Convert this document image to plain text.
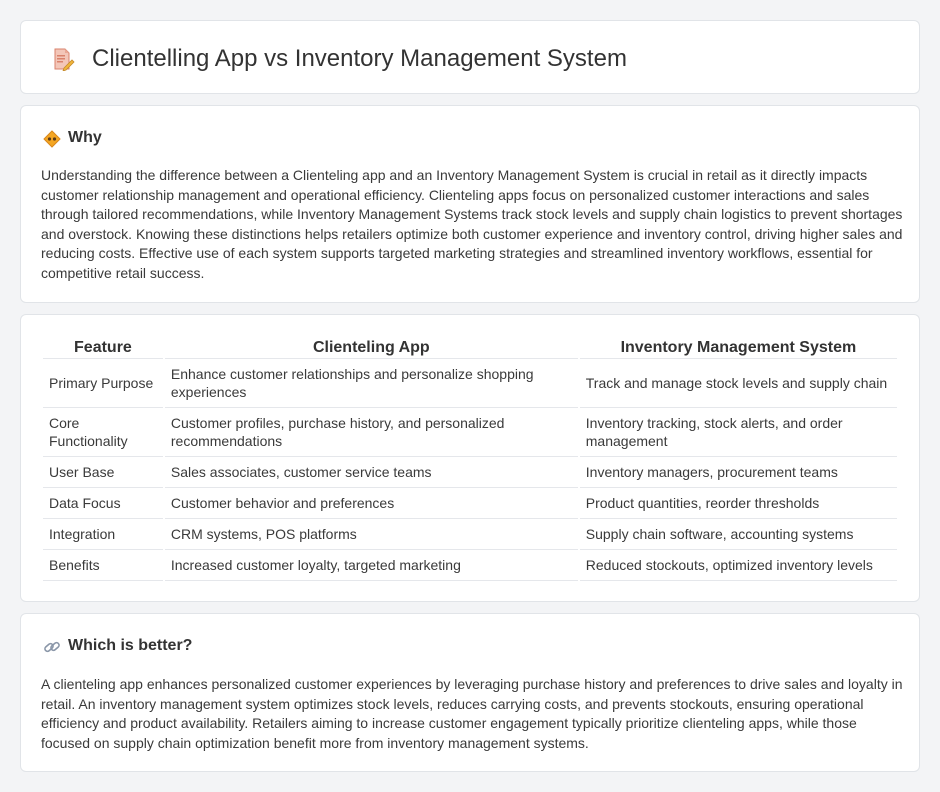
Clientelling App vs Inventory Management System
Why

Understanding the difference between a Clienteling app and an Inventory Management System is crucial in retail as it directly impacts customer relationship management and operational efficiency. Clienteling apps focus on personalized customer interactions and sales through tailored recommendations, while Inventory Management Systems track stock levels and supply chain logistics to prevent shortages and overstock. Knowing these distinctions helps retailers optimize both customer experience and inventory control, driving higher sales and reducing costs. Effective use of each system supports targeted marketing strategies and streamlined inventory workflows, essential for competitive retail success.

Feature	Clienteling App	Inventory Management System
Primary Purpose	Enhance customer relationships and personalize shopping experiences	Track and manage stock levels and supply chain
Core Functionality	Customer profiles, purchase history, and personalized recommendations	Inventory tracking, stock alerts, and order management
User Base	Sales associates, customer service teams	Inventory managers, procurement teams
Data Focus	Customer behavior and preferences	Product quantities, reorder thresholds
Integration	CRM systems, POS platforms	Supply chain software, accounting systems
Benefits	Increased customer loyalty, targeted marketing	Reduced stockouts, optimized inventory levels
Which is better?

A clienteling app enhances personalized customer experiences by leveraging purchase history and preferences to drive sales and loyalty in retail. An inventory management system optimizes stock levels, reduces carrying costs, and prevents stockouts, ensuring operational efficiency and product availability. Retailers aiming to increase customer engagement typically prioritize clienteling apps, while those focused on supply chain optimization benefit more from inventory management systems.
